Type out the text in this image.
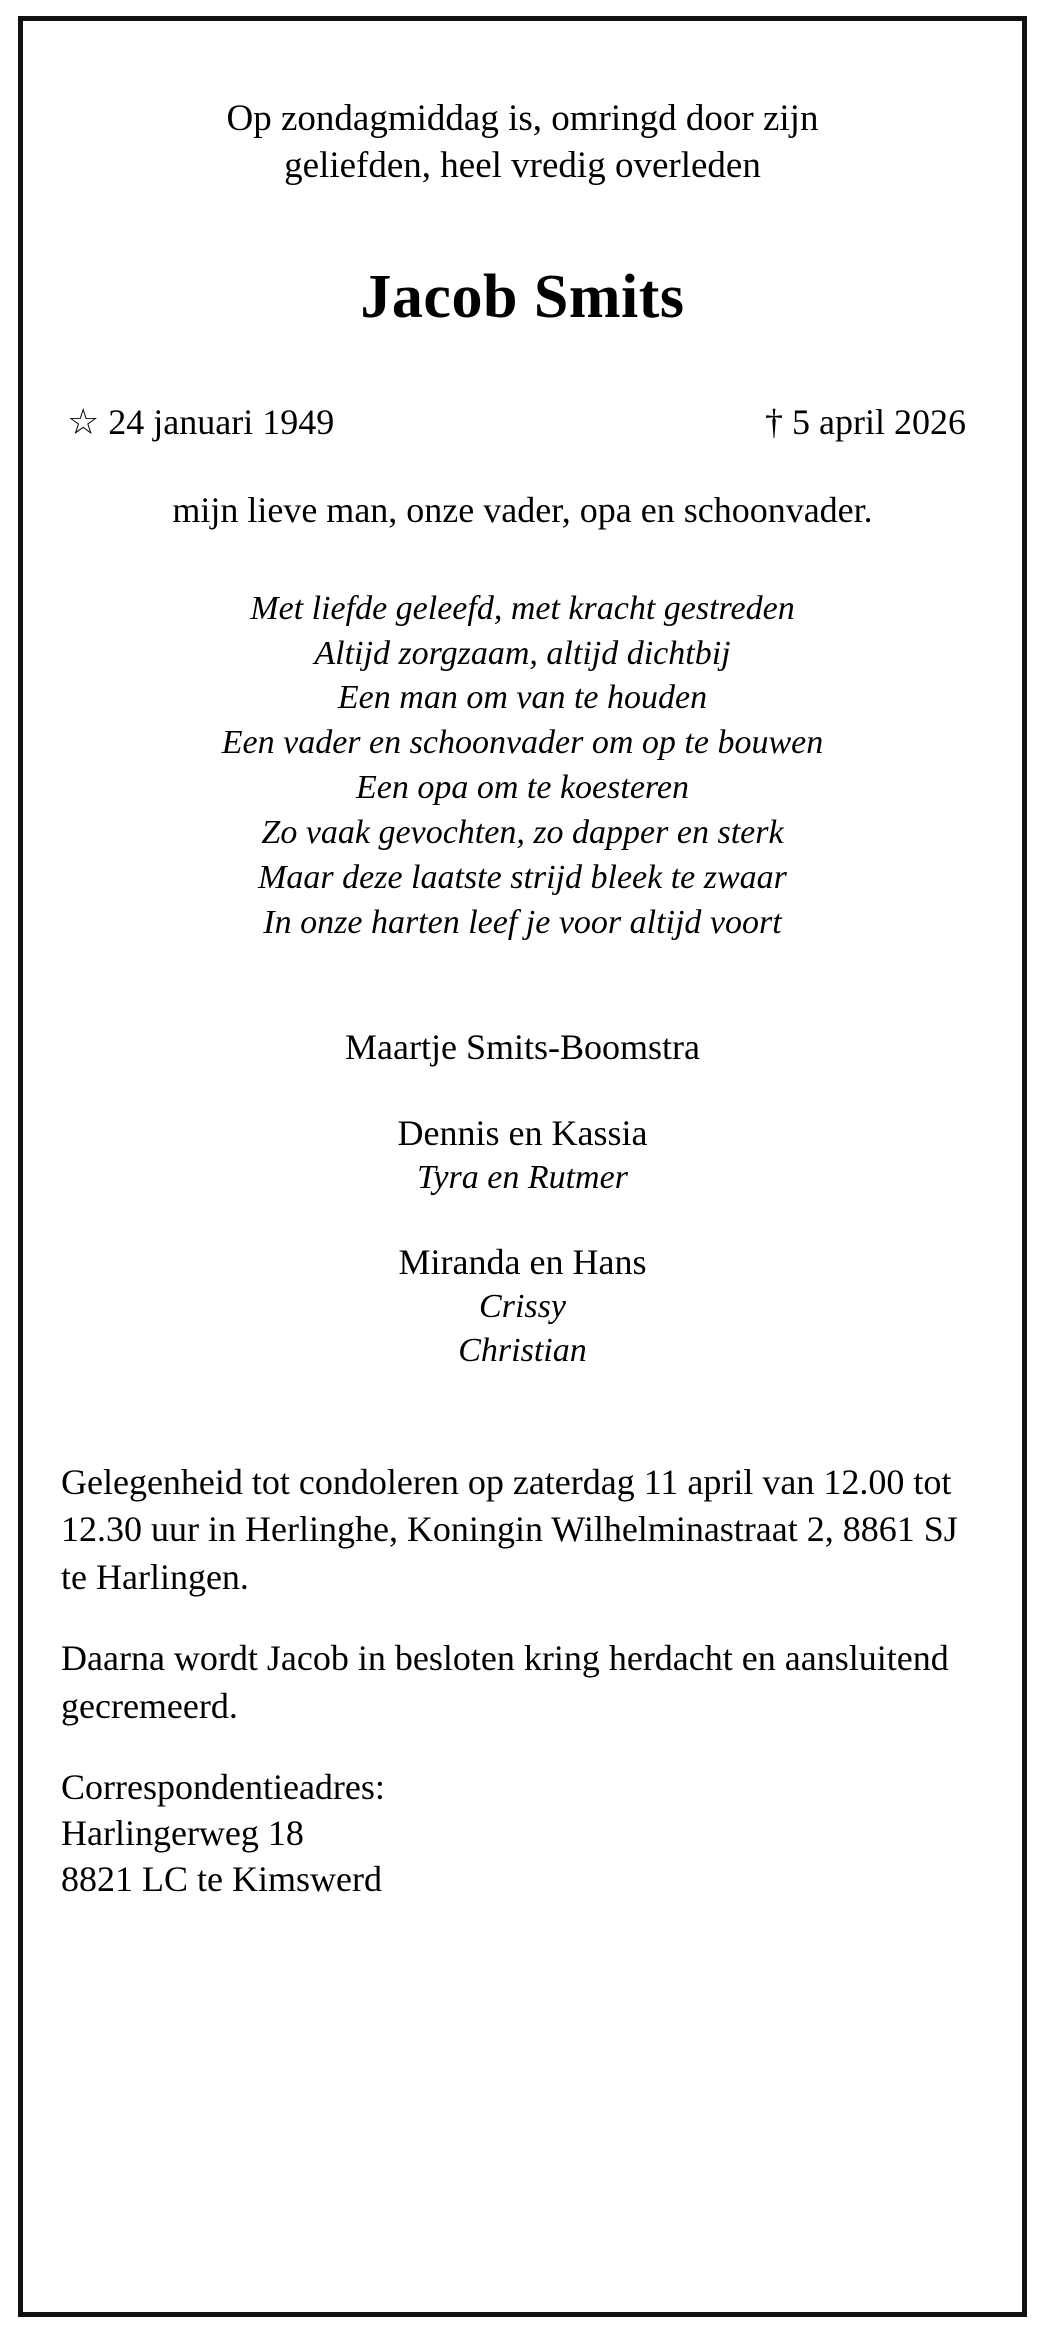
Op zondagmiddag is, omringd door zijn
geliefden, heel vredig overleden
Jacob Smits
☆ 24 januari 1949	† 5 april 2026
mijn lieve man, onze vader, opa en schoonvader.
Met liefde geleefd, met kracht gestreden
Altijd zorgzaam, altijd dichtbij
Een man om van te houden
Een vader en schoonvader om op te bouwen
Een opa om te koesteren
Zo vaak gevochten, zo dapper en sterk
Maar deze laatste strijd bleek te zwaar
In onze harten leef je voor altijd voort
Maartje Smits-Boomstra
Dennis en Kassia
Tyra en Rutmer
Miranda en Hans
Crissy
Christian

Gelegenheid tot condoleren op zaterdag 11 april van 12.00 tot 12.30 uur in Herlinghe, Koningin Wilhelminastraat 2, 8861 SJ te Harlingen.

Daarna wordt Jacob in besloten kring herdacht en aansluitend gecremeerd.

Correspondentieadres:
Harlingerweg 18
8821 LC te Kimswerd
